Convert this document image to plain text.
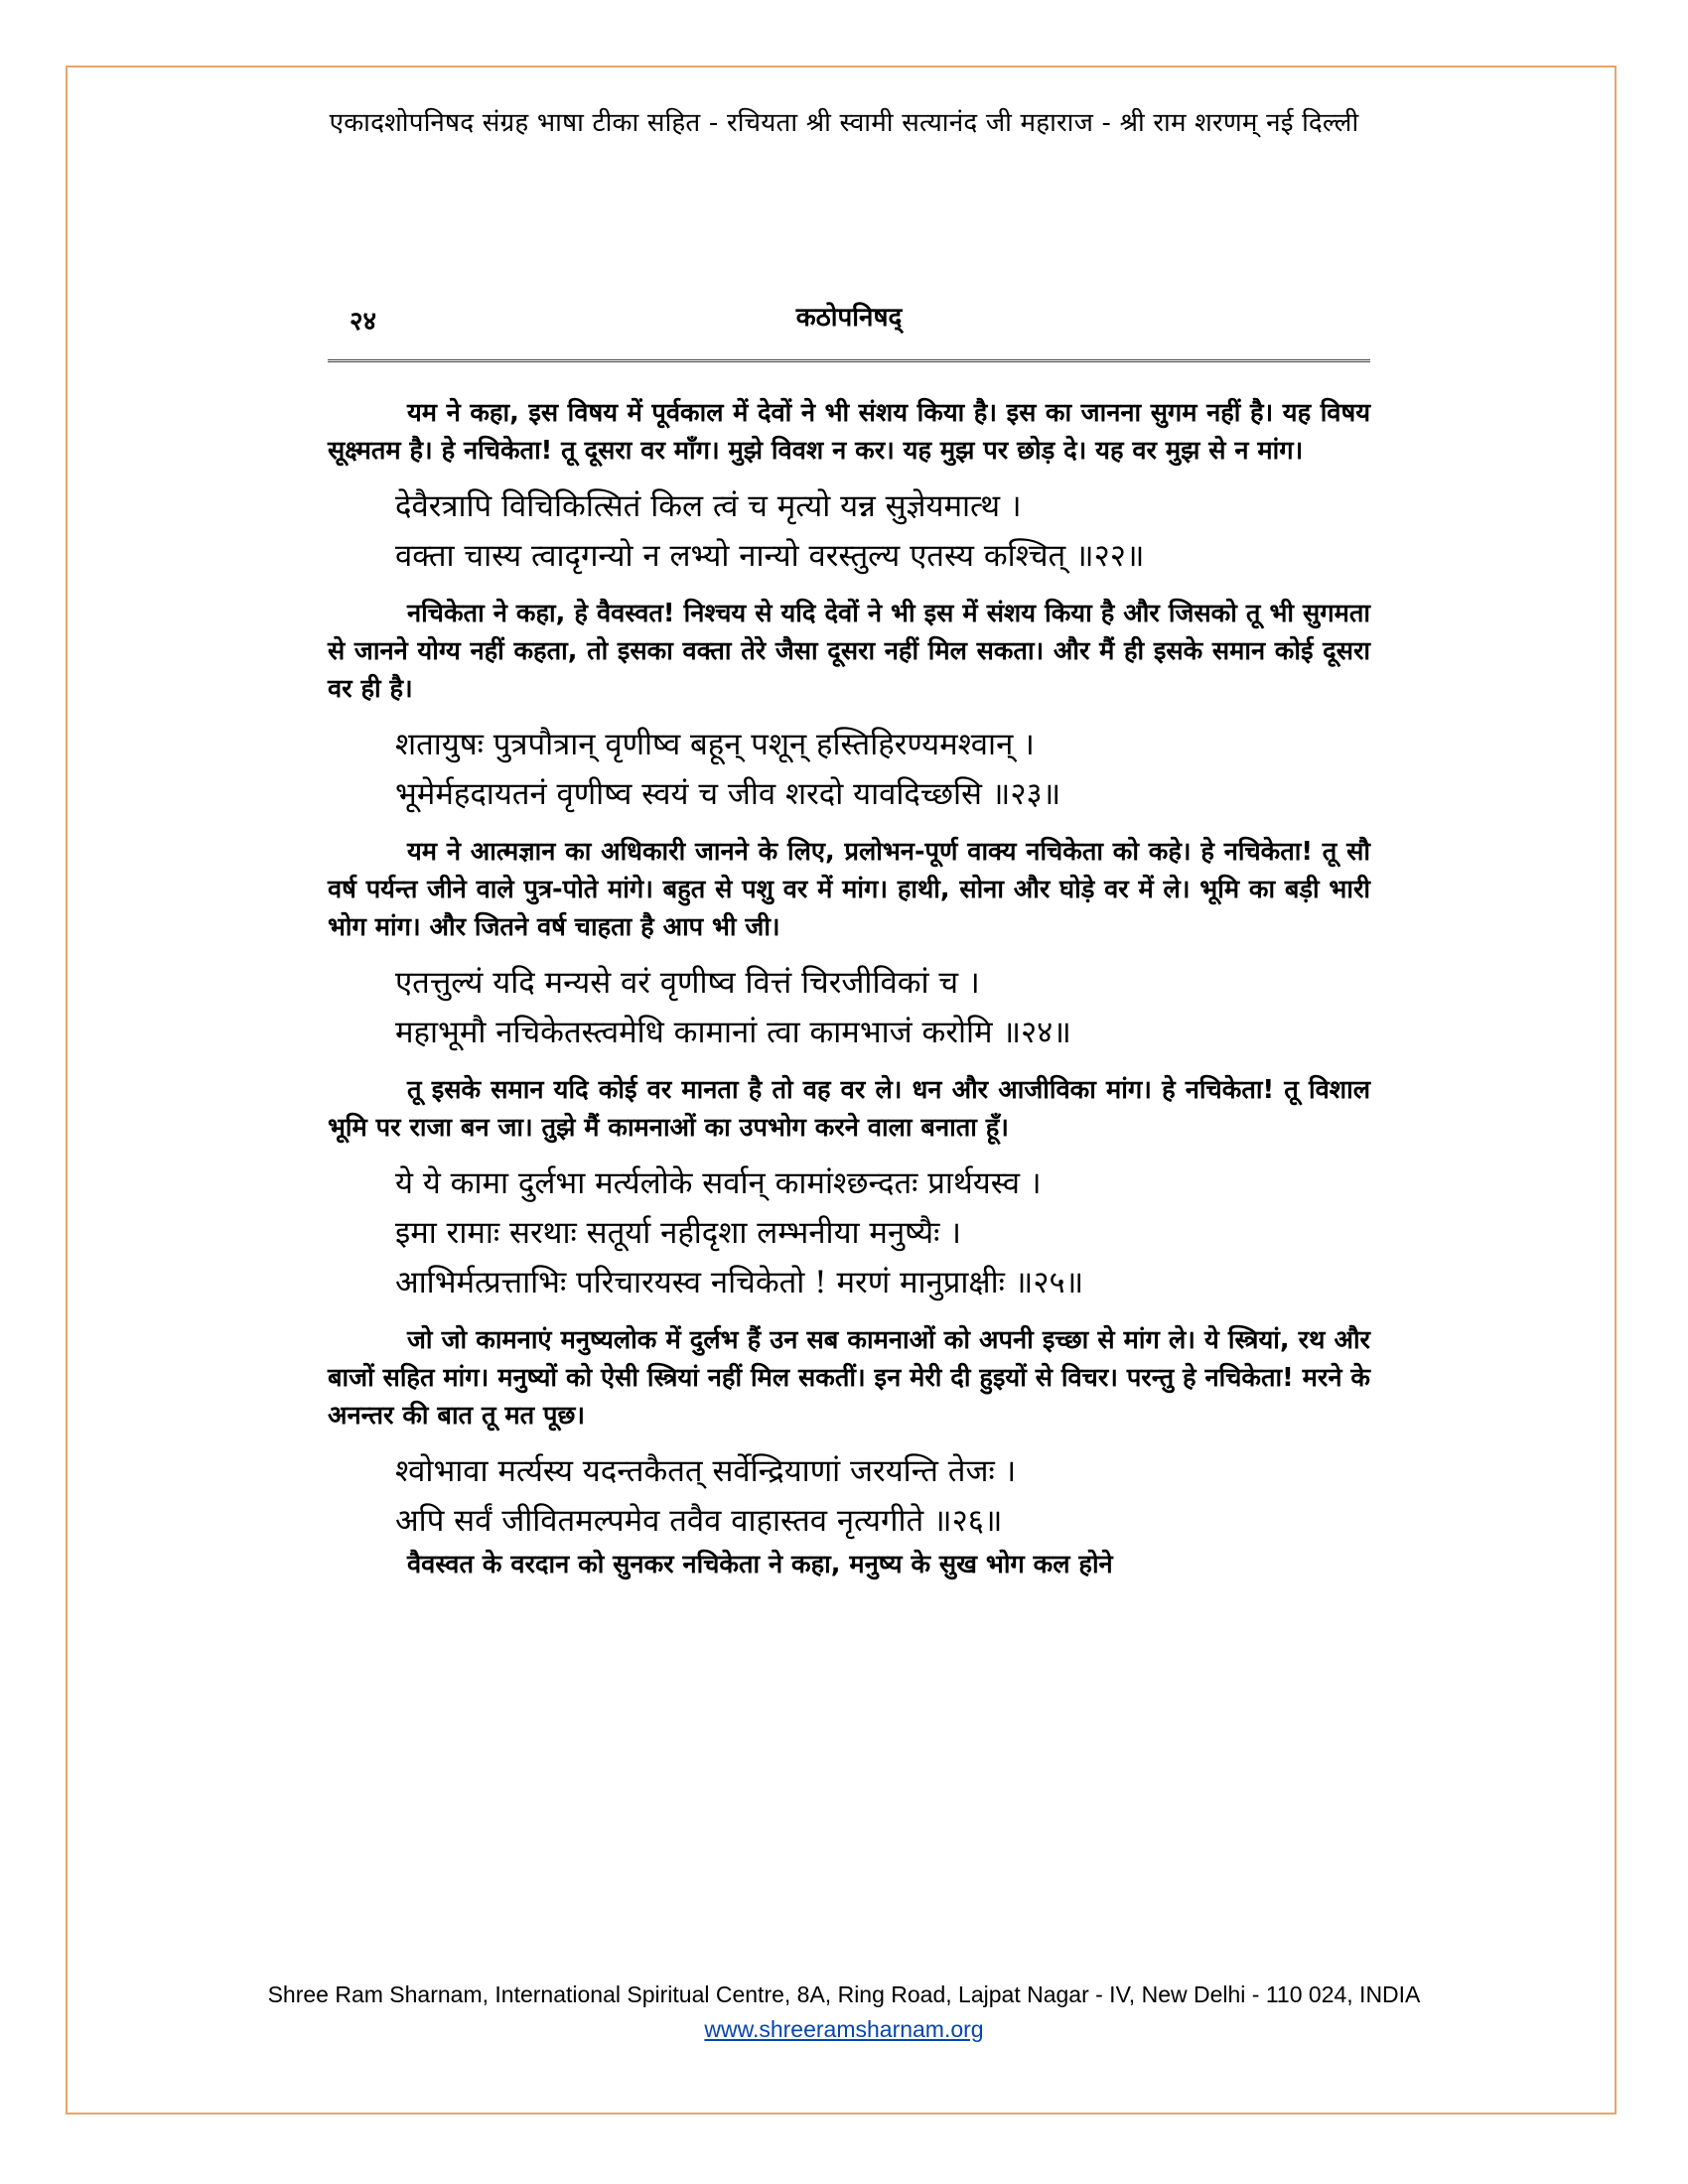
एकादशोपनिषद संग्रह भाषा टीका सहित - रचियता श्री स्वामी सत्यानंद जी महाराज - श्री राम शरणम् नई दिल्ली
२४	कठोपनिषद्

यम ने कहा, इस विषय में पूर्वकाल में देवों ने भी संशय किया है। इस का जानना सुगम नहीं है। यह विषय सूक्ष्मतम है। हे नचिकेता! तू दूसरा वर माँग। मुझे विवश न कर। यह मुझ पर छोड़ दे। यह वर मुझ से न मांग।

देवैरत्रापि विचिकित्सितं किल त्वं च मृत्यो यन्न सुज्ञेयमात्थ ।

वक्ता चास्य त्वादृगन्यो न लभ्यो नान्यो वरस्तुल्य एतस्य कश्चित् ॥२२॥

नचिकेता ने कहा, हे वैवस्वत! निश्चय से यदि देवों ने भी इस में संशय किया है और जिसको तू भी सुगमता से जानने योग्य नहीं कहता, तो इसका वक्ता तेरे जैसा दूसरा नहीं मिल सकता। और मैं ही इसके समान कोई दूसरा वर ही है।

शतायुषः पुत्रपौत्रान् वृणीष्व बहून् पशून् हस्तिहिरण्यमश्वान् ।

भूमेर्महदायतनं वृणीष्व स्वयं च जीव शरदो यावदिच्छसि ॥२३॥

यम ने आत्मज्ञान का अधिकारी जानने के लिए, प्रलोभन-पूर्ण वाक्य नचिकेता को कहे। हे नचिकेता! तू सौ वर्ष पर्यन्त जीने वाले पुत्र-पोते मांगे। बहुत से पशु वर में मांग। हाथी, सोना और घोड़े वर में ले। भूमि का बड़ी भारी भोग मांग। और जितने वर्ष चाहता है आप भी जी।

एतत्तुल्यं यदि मन्यसे वरं वृणीष्व वित्तं चिरजीविकां च ।

महाभूमौ नचिकेतस्त्वमेधि कामानां त्वा कामभाजं करोमि ॥२४॥

तू इसके समान यदि कोई वर मानता है तो वह वर ले। धन और आजीविका मांग। हे नचिकेता! तू विशाल भूमि पर राजा बन जा। तुझे मैं कामनाओं का उपभोग करने वाला बनाता हूँ।

ये ये कामा दुर्लभा मर्त्यलोके सर्वान् कामांश्छन्दतः प्रार्थयस्व ।

इमा रामाः सरथाः सतूर्या नहीदृशा लम्भनीया मनुष्यैः ।

आभिर्मत्प्रत्ताभिः परिचारयस्व नचिकेतो ! मरणं मानुप्राक्षीः ॥२५॥

जो जो कामनाएं मनुष्यलोक में दुर्लभ हैं उन सब कामनाओं को अपनी इच्छा से मांग ले। ये स्त्रियां, रथ और बाजों सहित मांग। मनुष्यों को ऐसी स्त्रियां नहीं मिल सकतीं। इन मेरी दी हुइयों से विचर। परन्तु हे नचिकेता! मरने के अनन्तर की बात तू मत पूछ।

श्वोभावा मर्त्यस्य यदन्तकैतत् सर्वेन्द्रियाणां जरयन्ति तेजः ।

अपि सर्वं जीवितमल्पमेव तवैव वाहास्तव नृत्यगीते ॥२६॥

वैवस्वत के वरदान को सुनकर नचिकेता ने कहा, मनुष्य के सुख भोग कल होने

Shree Ram Sharnam, International Spiritual Centre, 8A, Ring Road, Lajpat Nagar - IV, New Delhi - 110 024, INDIA
www.shreeramsharnam.org
